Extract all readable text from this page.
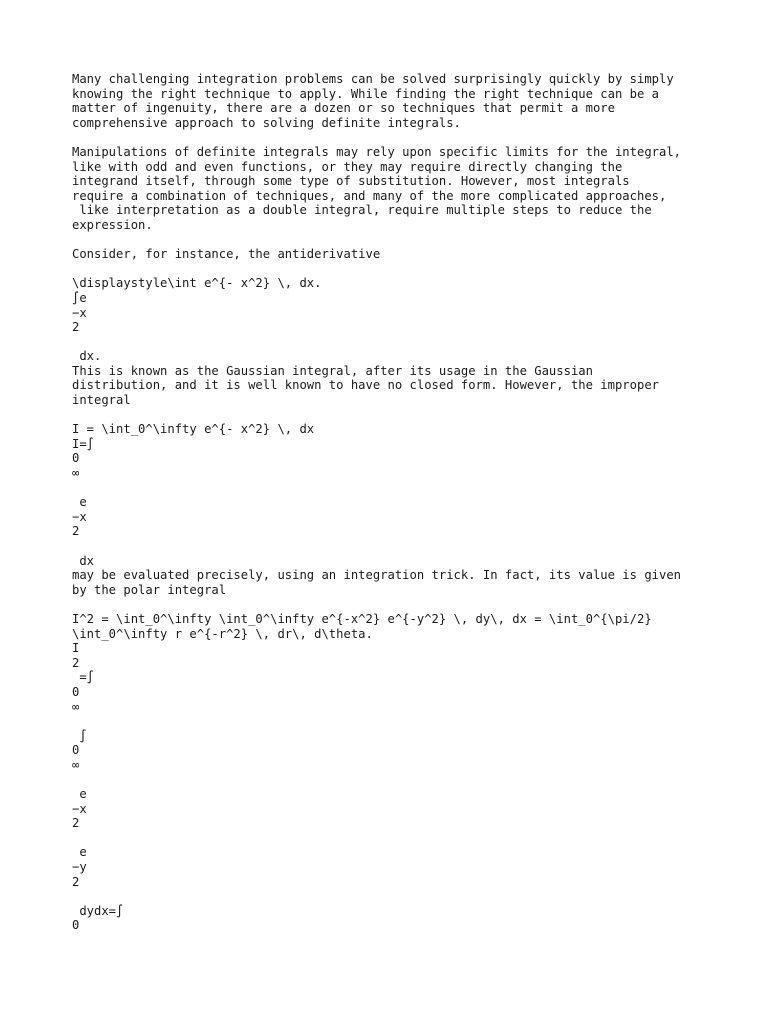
Many challenging integration problems can be solved surprisingly quickly by simply
knowing the right technique to apply. While finding the right technique can be a
matter of ingenuity, there are a dozen or so techniques that permit a more
comprehensive approach to solving definite integrals.
Manipulations of definite integrals may rely upon specific limits for the integral,
like with odd and even functions, or they may require directly changing the
integrand itself, through some type of substitution. However, most integrals
require a combination of techniques, and many of the more complicated approaches,
like interpretation as a double integral, require multiple steps to reduce the
expression.
Consider, for instance, the antiderivative
\displaystyle\int e^{- x^2} \, dx.
∫e
−x
2
dx.
This is known as the Gaussian integral, after its usage in the Gaussian
distribution, and it is well known to have no closed form. However, the improper
integral
I = \int_0^\infty e^{- x^2} \, dx
I=∫
0
∞
e
−x
2
dx
may be evaluated precisely, using an integration trick. In fact, its value is given
by the polar integral
I^2 = \int_0^\infty \int_0^\infty e^{-x^2} e^{-y^2} \, dy\, dx = \int_0^{\pi/2}
\int_0^\infty r e^{-r^2} \, dr\, d\theta.
I
2
=∫
0
∞
∫
0
∞
e
−x
2
e
−y
2
dydx=∫
0
